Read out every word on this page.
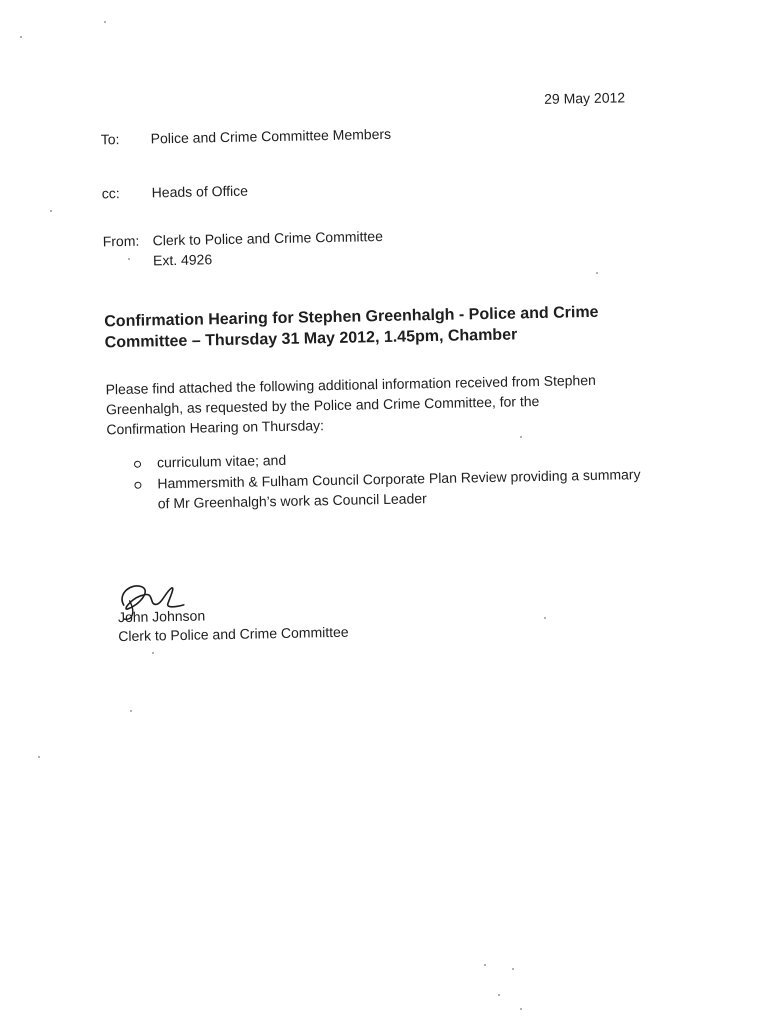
29 May 2012
To: Police and Crime Committee Members
cc: Heads of Office
From: Clerk to Police and Crime Committee
Ext. 4926
Confirmation Hearing for Stephen Greenhalgh - Police and Crime Committee – Thursday 31 May 2012, 1.45pm, Chamber
Please find attached the following additional information received from Stephen Greenhalgh, as requested by the Police and Crime Committee, for the Confirmation Hearing on Thursday:
curriculum vitae; and
Hammersmith & Fulham Council Corporate Plan Review providing a summary of Mr Greenhalgh’s work as Council Leader
John Johnson
Clerk to Police and Crime Committee
